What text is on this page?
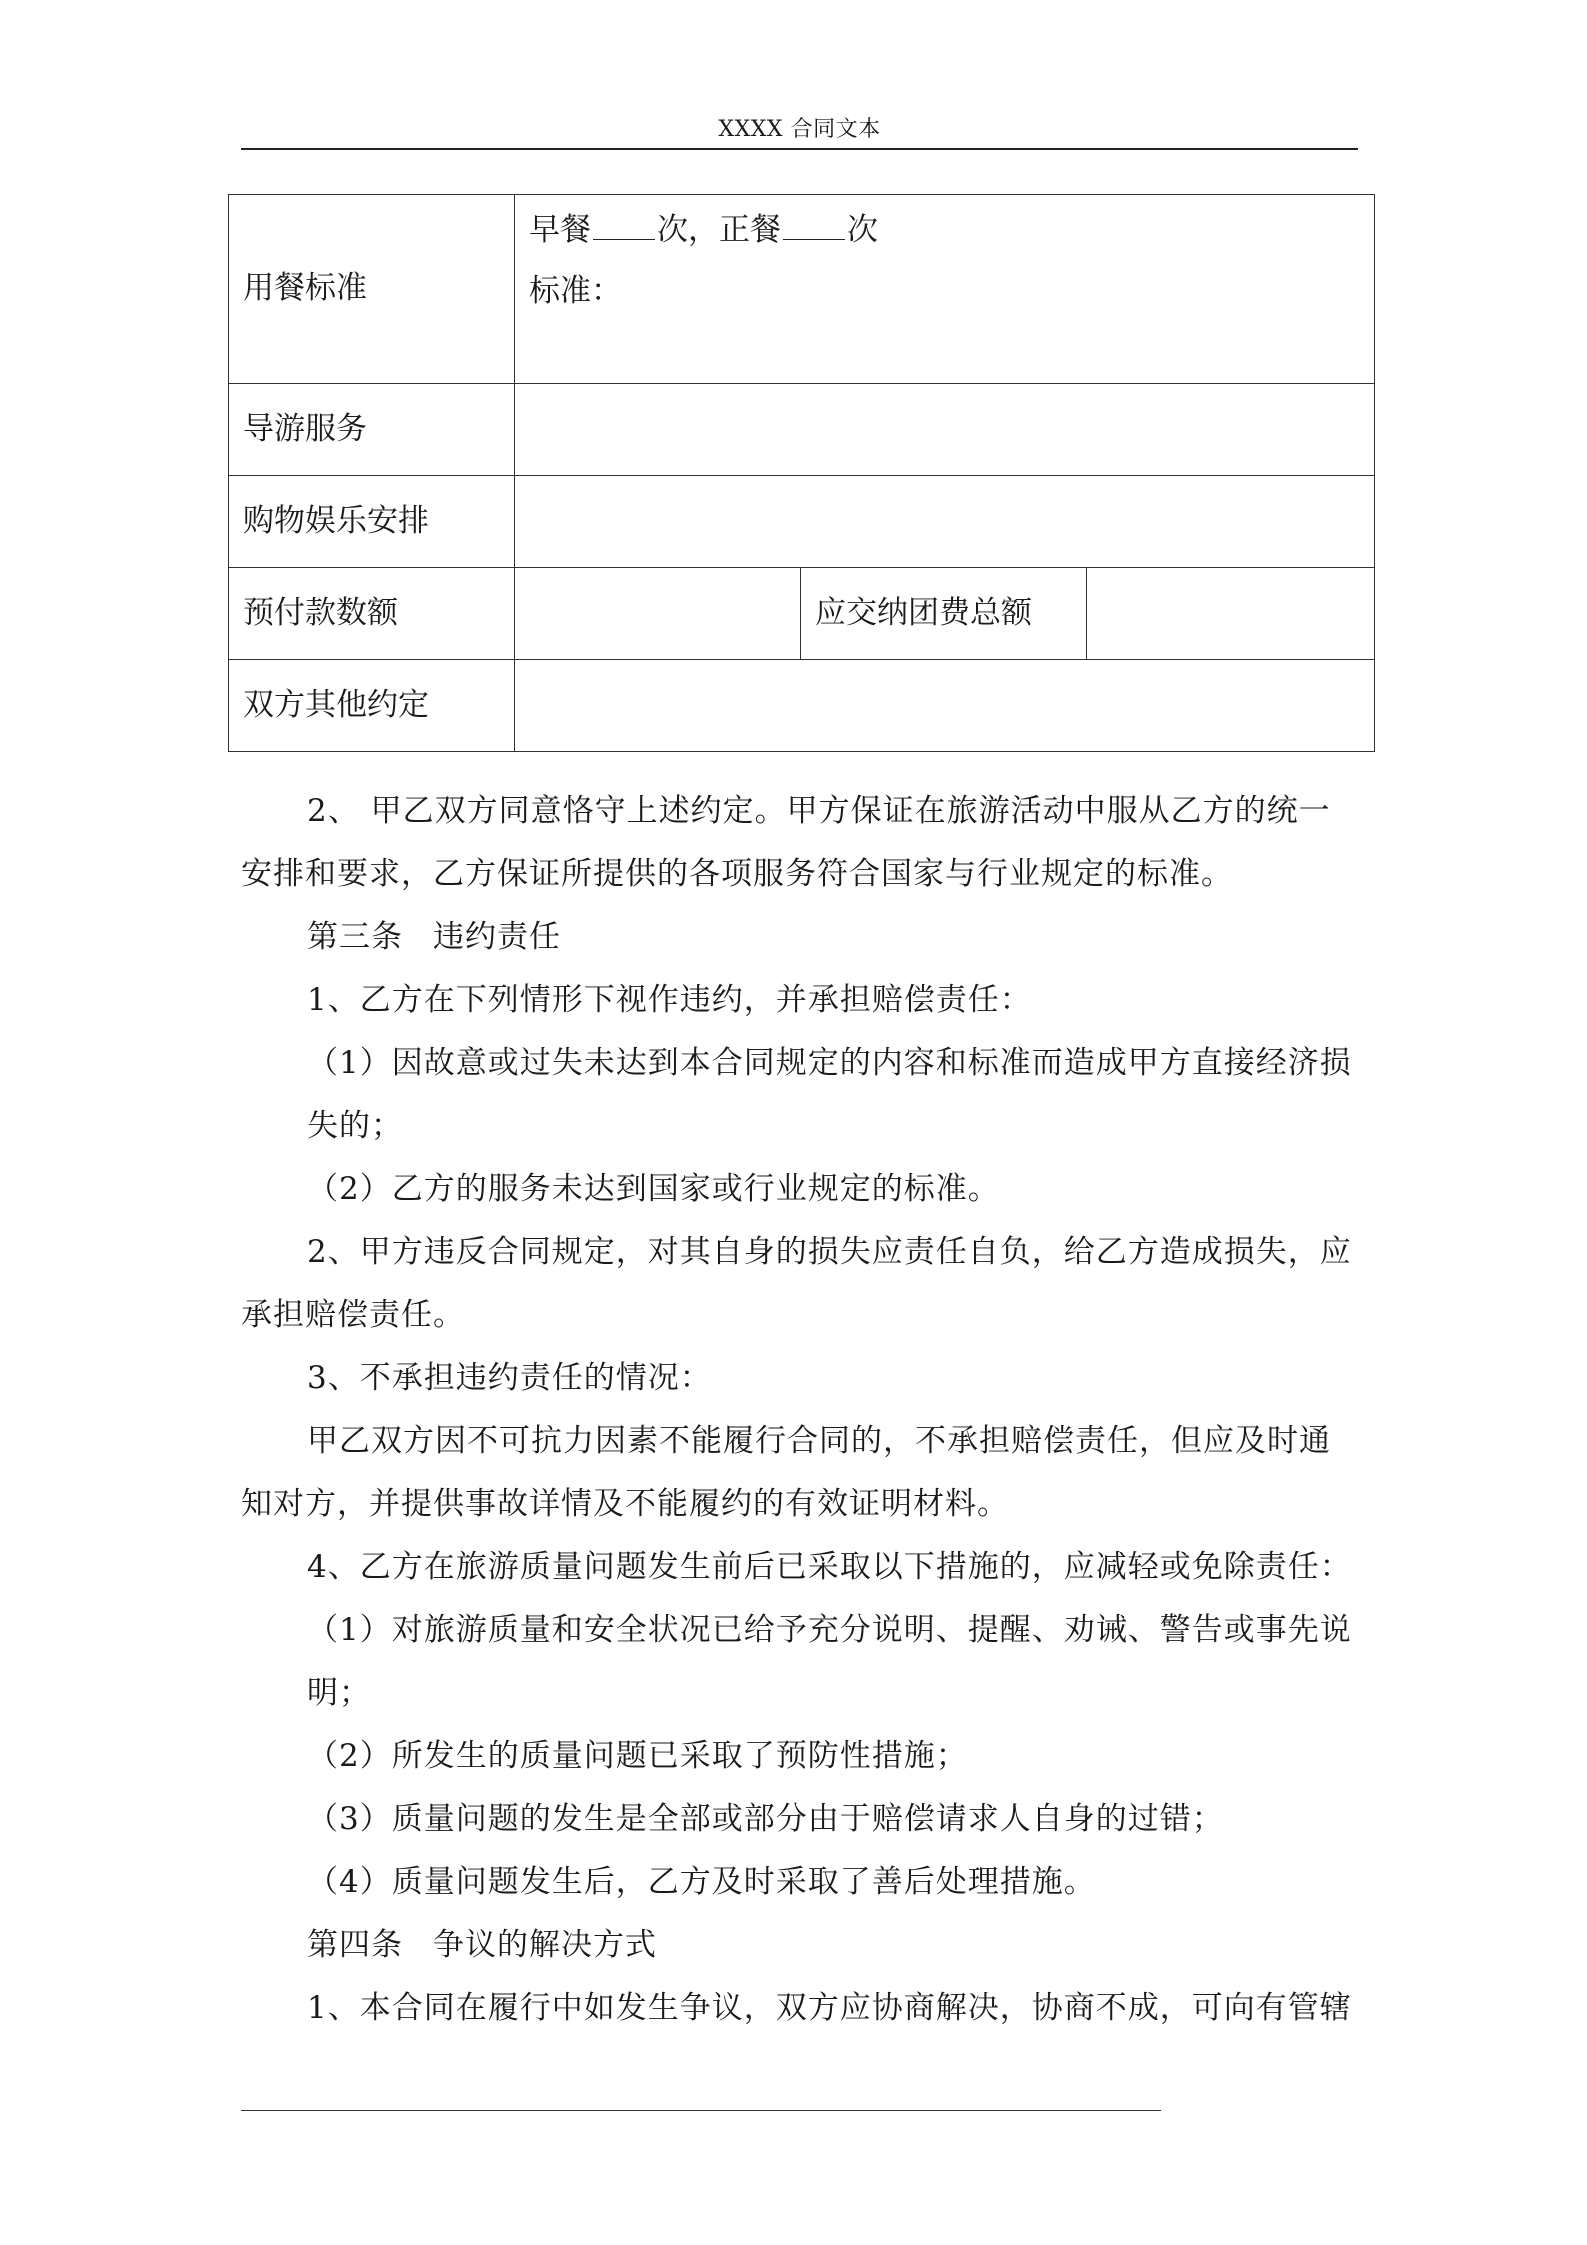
XXXX 合同文本
用餐标准	早餐 次，正餐 次
标准：		

导游服务			
购物娱乐安排			
预付款数额		应交纳团费总额	
双方其他约定			

2、 甲乙双方同意恪守上述约定。甲方保证在旅游活动中服从乙方的统一安排和要求，乙方保证所提供的各项服务符合国家与行业规定的标准。

第三条 违约责任

1、乙方在下列情形下视作违约，并承担赔偿责任：

（1）因故意或过失未达到本合同规定的内容和标准而造成甲方直接经济损失的；

（2）乙方的服务未达到国家或行业规定的标准。

2、甲方违反合同规定，对其自身的损失应责任自负，给乙方造成损失，应承担赔偿责任。

3、不承担违约责任的情况：

甲乙双方因不可抗力因素不能履行合同的，不承担赔偿责任，但应及时通知对方，并提供事故详情及不能履约的有效证明材料。

4、乙方在旅游质量问题发生前后已采取以下措施的，应减轻或免除责任：

（1）对旅游质量和安全状况已给予充分说明、提醒、劝诫、警告或事先说明；

（2）所发生的质量问题已采取了预防性措施；

（3）质量问题的发生是全部或部分由于赔偿请求人自身的过错；

（4）质量问题发生后，乙方及时采取了善后处理措施。

第四条 争议的解决方式

1、本合同在履行中如发生争议，双方应协商解决，协商不成，可向有管辖
